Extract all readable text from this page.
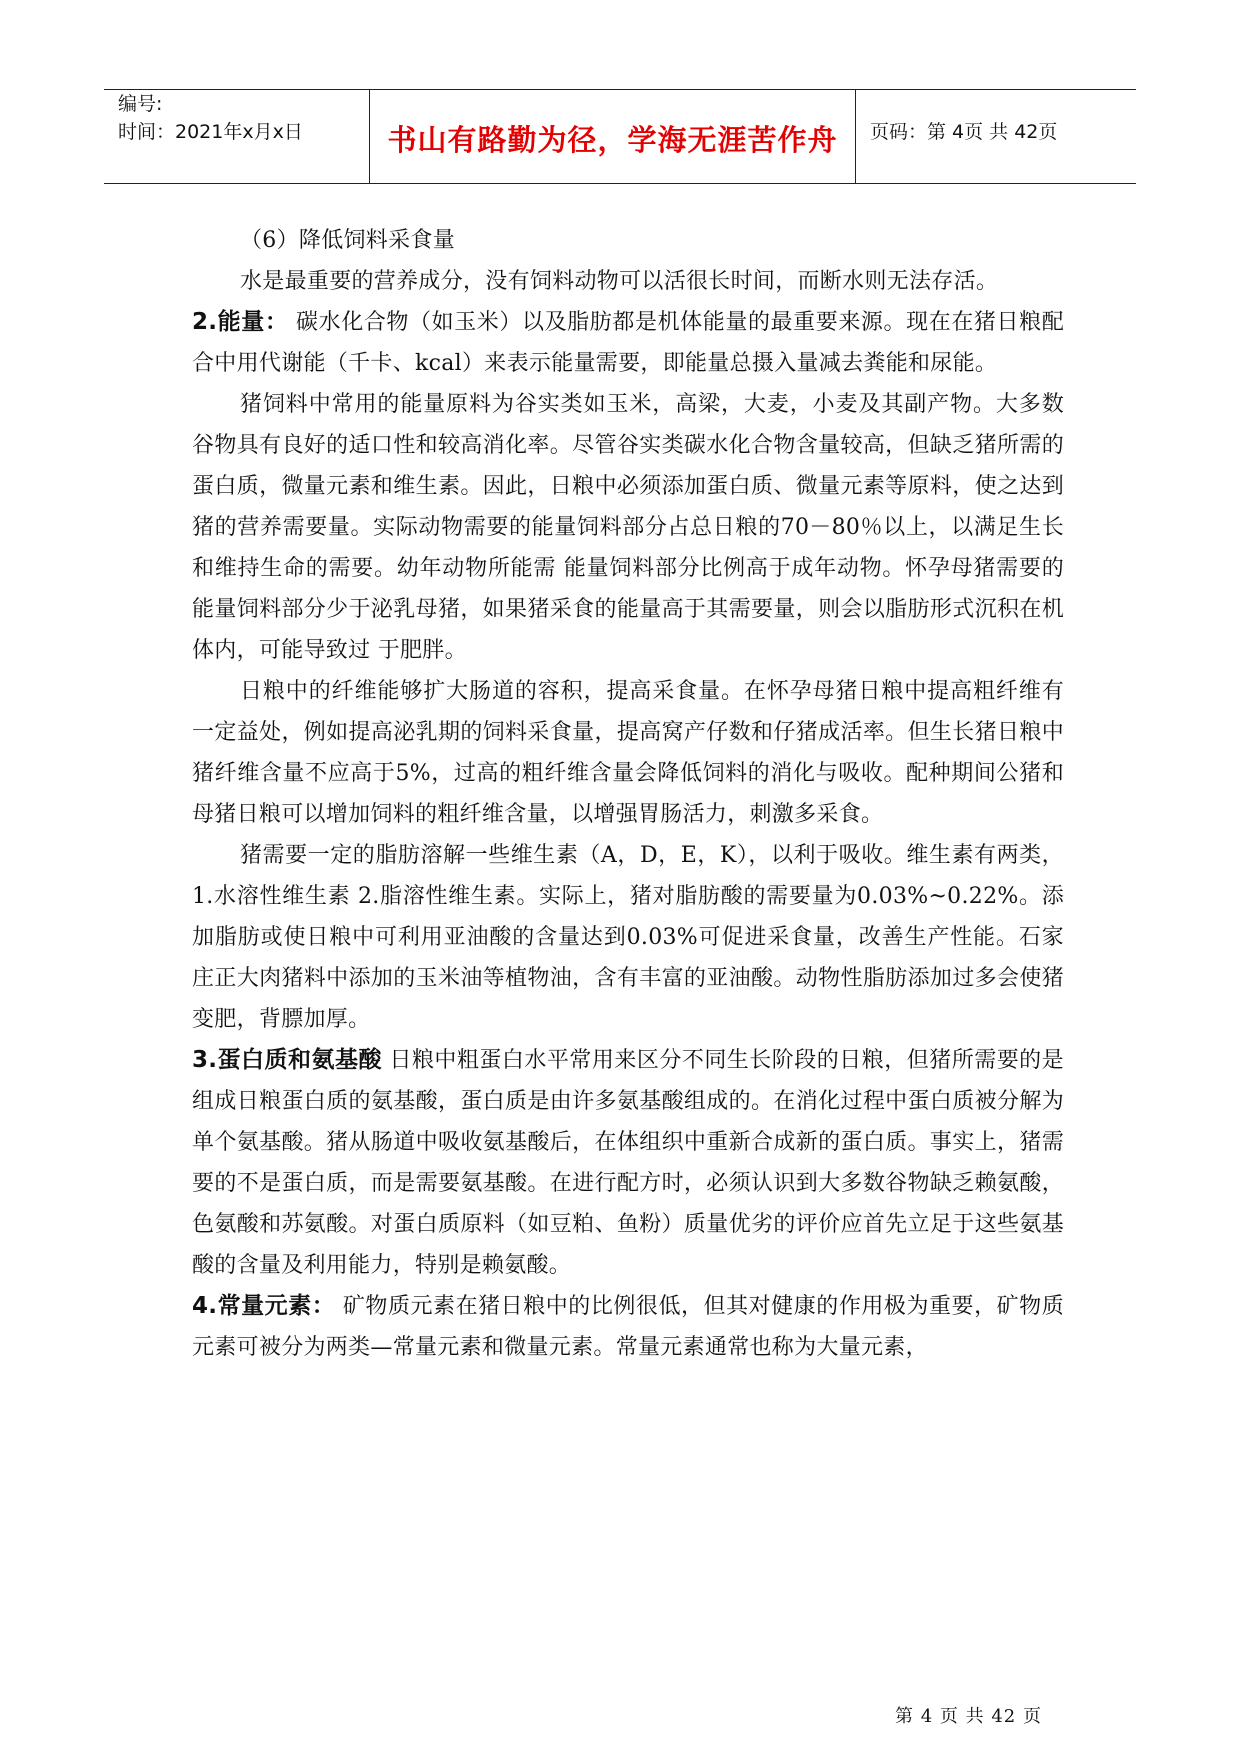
编号:
时间：2021年x月x日	书山有路勤为径，学海无涯苦作舟	页码：第 4页 共 42页

（6）降低饲料采食量

水是最重要的营养成分，没有饲料动物可以活很长时间，而断水则无法存活。

2.能量： 碳水化合物（如玉米）以及脂肪都是机体能量的最重要来源。现在在猪日粮配合中用代谢能（千卡、kcal）来表示能量需要，即能量总摄入量减去粪能和尿能。

猪饲料中常用的能量原料为谷实类如玉米，高梁，大麦，小麦及其副产物。大多数谷物具有良好的适口性和较高消化率。尽管谷实类碳水化合物含量较高，但缺乏猪所需的蛋白质，微量元素和维生素。因此，日粮中必须添加蛋白质、微量元素等原料，使之达到猪的营养需要量。实际动物需要的能量饲料部分占总日粮的70－80％以上，以满足生长和维持生命的需要。幼年动物所能需 能量饲料部分比例高于成年动物。怀孕母猪需要的能量饲料部分少于泌乳母猪，如果猪采食的能量高于其需要量，则会以脂肪形式沉积在机体内，可能导致过 于肥胖。

日粮中的纤维能够扩大肠道的容积，提高采食量。在怀孕母猪日粮中提高粗纤维有一定益处，例如提高泌乳期的饲料采食量，提高窝产仔数和仔猪成活率。但生长猪日粮中猪纤维含量不应高于5%，过高的粗纤维含量会降低饲料的消化与吸收。配种期间公猪和母猪日粮可以增加饲料的粗纤维含量，以增强胃肠活力，刺激多采食。

猪需要一定的脂肪溶解一些维生素（A，D，E，K），以利于吸收。维生素有两类，1.水溶性维生素 2.脂溶性维生素。实际上，猪对脂肪酸的需要量为0.03%~0.22%。添加脂肪或使日粮中可利用亚油酸的含量达到0.03%可促进采食量，改善生产性能。石家庄正大肉猪料中添加的玉米油等植物油，含有丰富的亚油酸。动物性脂肪添加过多会使猪变肥，背膘加厚。

3.蛋白质和氨基酸 日粮中粗蛋白水平常用来区分不同生长阶段的日粮，但猪所需要的是组成日粮蛋白质的氨基酸，蛋白质是由许多氨基酸组成的。在消化过程中蛋白质被分解为单个氨基酸。猪从肠道中吸收氨基酸后，在体组织中重新合成新的蛋白质。事实上，猪需要的不是蛋白质，而是需要氨基酸。在进行配方时，必须认识到大多数谷物缺乏赖氨酸，色氨酸和苏氨酸。对蛋白质原料（如豆粕、鱼粉）质量优劣的评价应首先立足于这些氨基酸的含量及利用能力，特别是赖氨酸。

4.常量元素： 矿物质元素在猪日粮中的比例很低，但其对健康的作用极为重要，矿物质元素可被分为两类—常量元素和微量元素。常量元素通常也称为大量元素，

第 4 页 共 42 页
